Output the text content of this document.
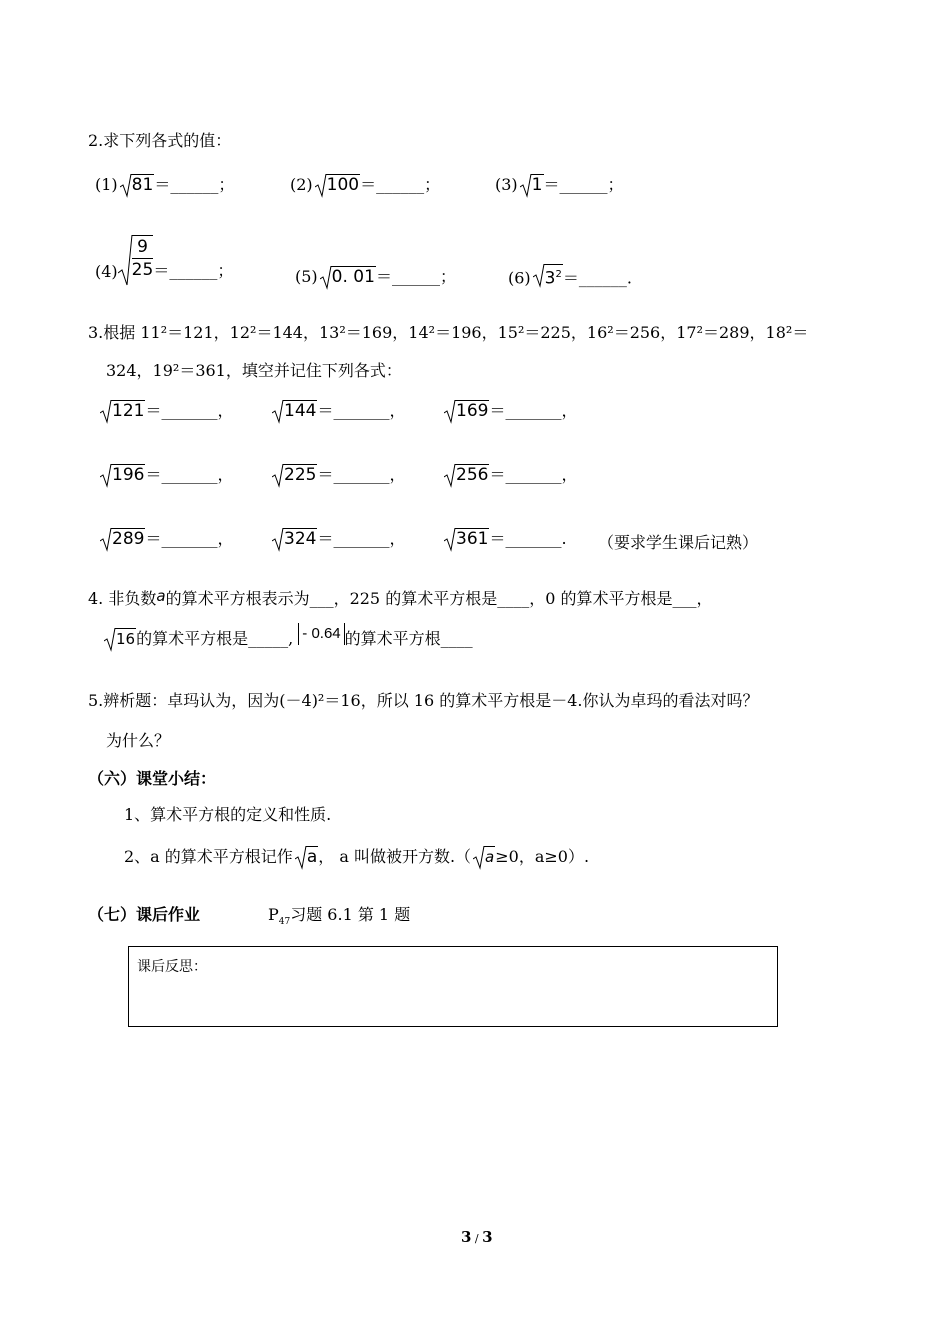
2.求下列各式的值：
(1) 81＝______；	(2) 100＝______；	(3) 1＝______；
$(4) \frac{9}{25}$ ＝______；	(5) 0. 01＝______；	(6) $3^2=\_\_\_\_\_\_$.
3.根据 11²＝121，12²＝144，13²＝169，14²＝196，15²＝225，16²＝256，17²＝289，18²＝
324，19²＝361，填空并记住下列各式：
121＝_______，	144＝_______，	169＝_______，
196＝_______，	225＝_______，	256＝_______，
289＝_______，	324＝_______，	361＝_______. （要求学生课后记熟）
4. 非负数a的算术平方根表示为___，225 的算术平方根是____，0 的算术平方根是___，
16的算术平方根是_____, - 0.64 的算术平方根____
5.辨析题：卓玛认为，因为(－4)²＝16，所以 16 的算术平方根是－4.你认为卓玛的看法对吗？
为什么？
（六）课堂小结：
1、算术平方根的定义和性质.
2、a 的算术平方根记作 a， a 叫做被开方数.（ a≥0，a≥0）.
（七）课后作业	$P_{47}$习题 6.1 第 1 题
课后反思：
3 / 3
